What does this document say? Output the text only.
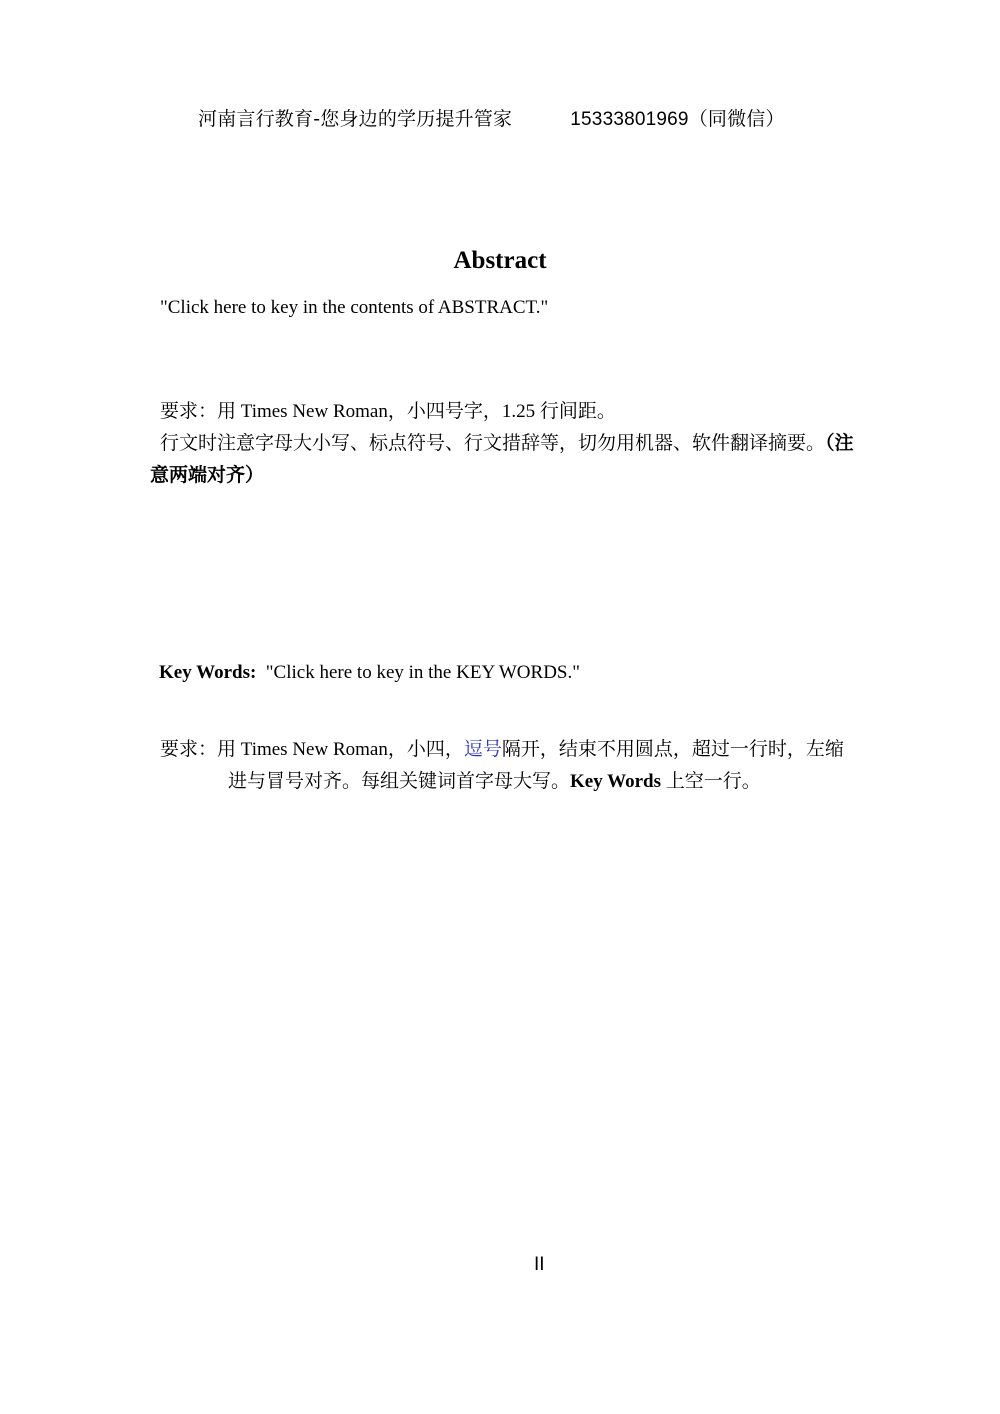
河南言行教育-您身边的学历提升管家	15333801969（同微信）
Abstract
"Click here to key in the contents of ABSTRACT."
要求：用 Times New Roman，小四号字，1.25 行间距。
行文时注意字母大小写、标点符号、行文措辞等，切勿用机器、软件翻译摘要。（注
意两端对齐）
Key Words: "Click here to key in the KEY WORDS."
要求：用 Times New Roman，小四，逗号隔开，结束不用圆点，超过一行时，左缩
进与冒号对齐。每组关键词首字母大写。Key Words 上空一行。
II
